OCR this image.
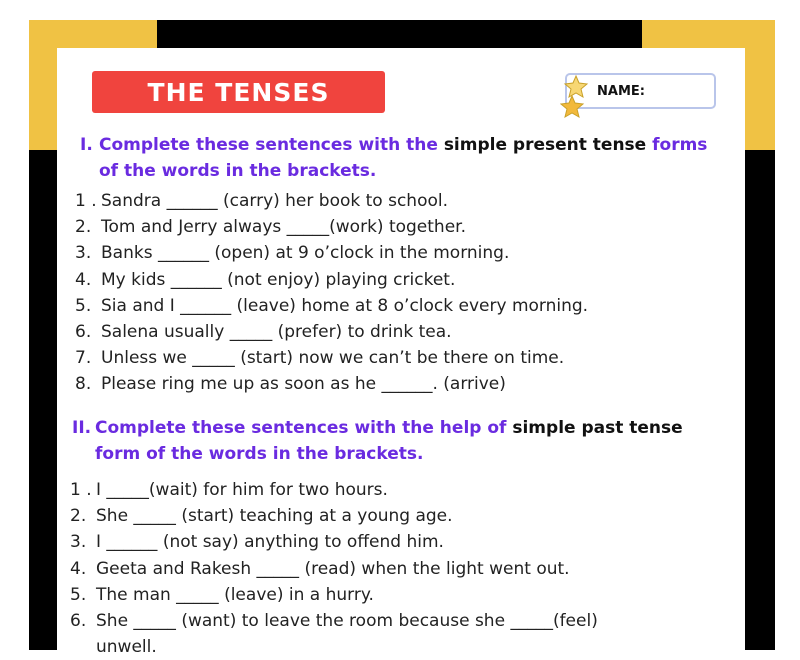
THE TENSES	NAME:
I. Complete these sentences with the simple present tense forms
of the words in the brackets.
1 . Sandra ______ (carry) her book to school.
2. Tom and Jerry always _____(work) together.
3. Banks ______ (open) at 9 o’clock in the morning.
4. My kids ______ (not enjoy) playing cricket.
5. Sia and I ______ (leave) home at 8 o’clock every morning.
6. Salena usually _____ (prefer) to drink tea.
7. Unless we _____ (start) now we can’t be there on time.
8. Please ring me up as soon as he ______. (arrive)
II. Complete these sentences with the help of simple past tense
form of the words in the brackets.
1 . I _____(wait) for him for two hours.
2. She _____ (start) teaching at a young age.
3. I ______ (not say) anything to offend him.
4. Geeta and Rakesh _____ (read) when the light went out.
5. The man _____ (leave) in a hurry.
6. She _____ (want) to leave the room because she _____(feel)
unwell.
